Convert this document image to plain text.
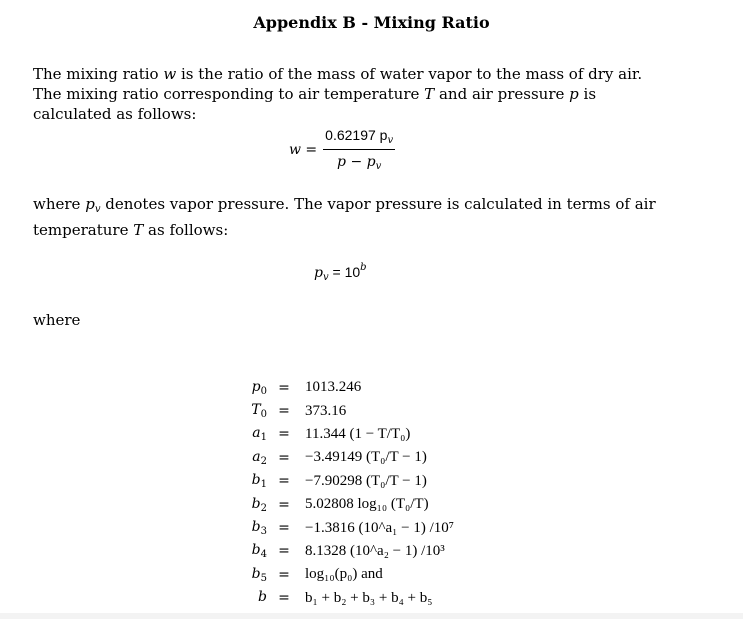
Appendix B - Mixing Ratio
The mixing ratio w is the ratio of the mass of water vapor to the mass of dry air. The mixing ratio corresponding to air temperature T and air pressure p is calculated as follows:
$w = \frac{0.62197 p_v}{p - p_v}$
where $p_v$ denotes vapor pressure. The vapor pressure is calculated in terms of air temperature T as follows:
$p_v = 10^b$
where
$p_0$	=	1013.246
$T_0$	=	373.16
$a_1$	=	11.344 (1 − T/T₀)
$a_2$	=	−3.49149 (T₀/T − 1)
$b_1$	=	−7.90298 (T₀/T − 1)
$b_2$	=	5.02808 log₁₀ (T₀/T)
$b_3$	=	−1.3816 (10^a₁ − 1) /10⁷
$b_4$	=	8.1328 (10^a₂ − 1) /10³
$b_5$	=	log₁₀(p₀) and
b	=	b₁ + b₂ + b₃ + b₄ + b₅
